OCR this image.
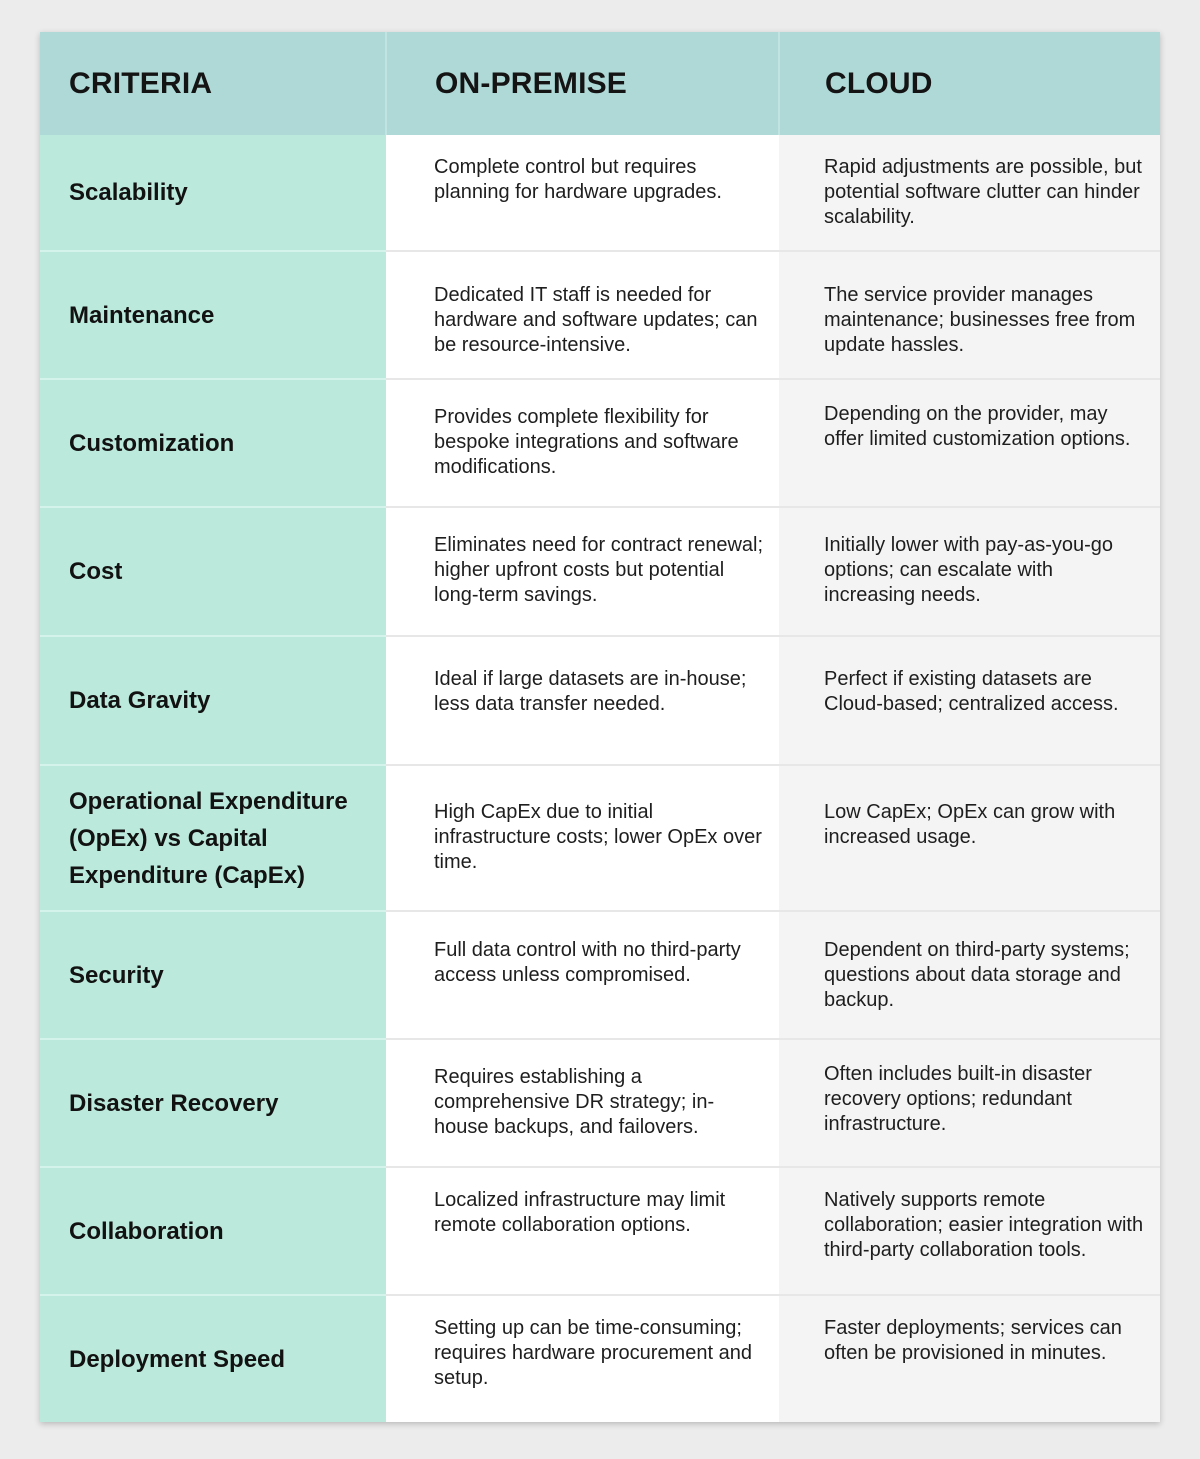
CRITERIA	ON-PREMISE	CLOUD
Scalability	Complete control but requires planning for hardware upgrades.	Rapid adjustments are possible, but potential software clutter can hinder scalability.
Maintenance	Dedicated IT staff is needed for hardware and software updates; can be resource-intensive.	The service provider manages maintenance; businesses free from update hassles.
Customization	Provides complete flexibility for bespoke integrations and software modifications.	Depending on the provider, may offer limited customization options.
Cost	Eliminates need for contract renewal; higher upfront costs but potential long-term savings.	Initially lower with pay-as-you-go options; can escalate with increasing needs.
Data Gravity	Ideal if large datasets are in-house; less data transfer needed.	Perfect if existing datasets are Cloud-based; centralized access.
Operational Expenditure (OpEx) vs Capital Expenditure (CapEx)	High CapEx due to initial infrastructure costs; lower OpEx over time.	Low CapEx; OpEx can grow with increased usage.
Security	Full data control with no third-party access unless compromised.	Dependent on third-party systems; questions about data storage and backup.
Disaster Recovery	Requires establishing a comprehensive DR strategy; in-house backups, and failovers.	Often includes built-in disaster recovery options; redundant infrastructure.
Collaboration	Localized infrastructure may limit remote collaboration options.	Natively supports remote collaboration; easier integration with third-party collaboration tools.
Deployment Speed	Setting up can be time-consuming; requires hardware procurement and setup.	Faster deployments; services can often be provisioned in minutes.
